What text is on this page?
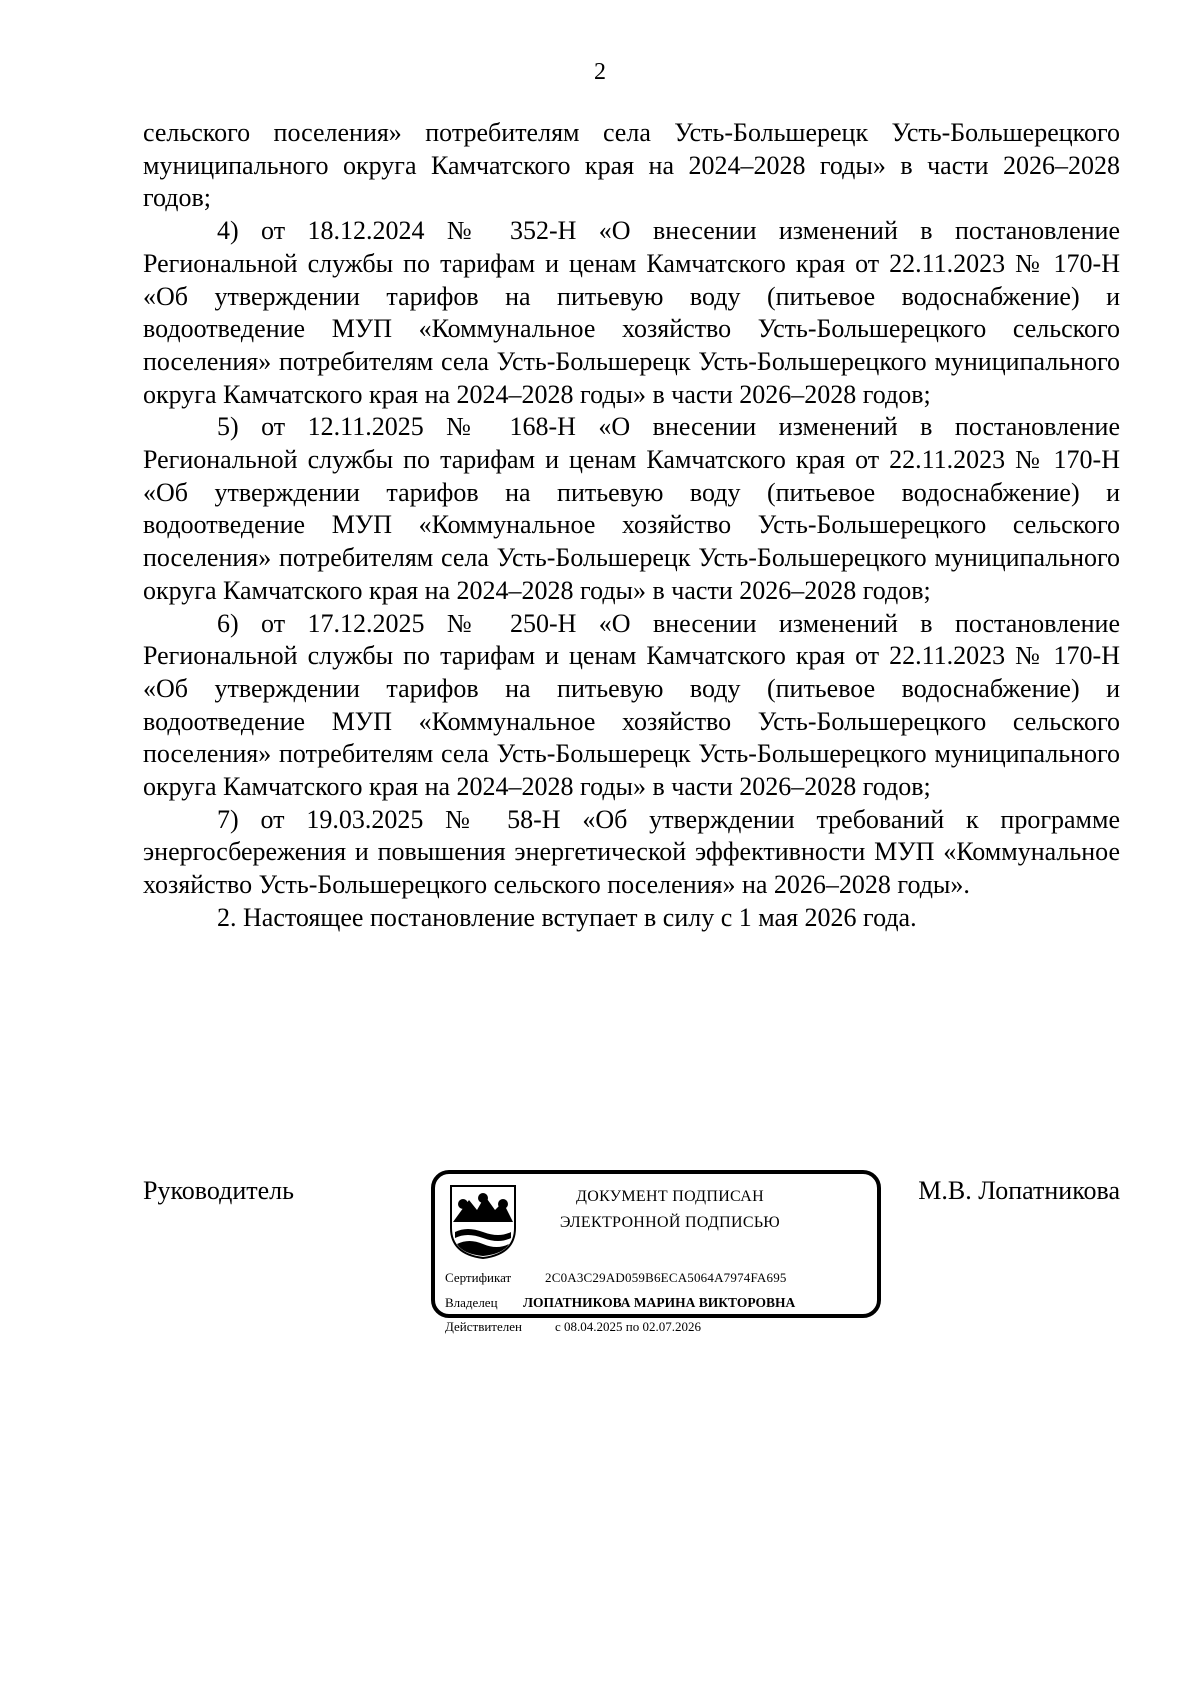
2

сельского поселения» потребителям села Усть-Большерецк Усть-Большерецкого муниципального округа Камчатского края на 2024–2028 годы» в части 2026–2028 годов;

4) от 18.12.2024 № 352-Н «О внесении изменений в постановление Региональной службы по тарифам и ценам Камчатского края от 22.11.2023 № 170-Н «Об утверждении тарифов на питьевую воду (питьевое водоснабжение) и водоотведение МУП «Коммунальное хозяйство Усть-Большерецкого сельского поселения» потребителям села Усть-Большерецк Усть-Большерецкого муниципального округа Камчатского края на 2024–2028 годы» в части 2026–2028 годов;

5) от 12.11.2025 № 168-Н «О внесении изменений в постановление Региональной службы по тарифам и ценам Камчатского края от 22.11.2023 № 170-Н «Об утверждении тарифов на питьевую воду (питьевое водоснабжение) и водоотведение МУП «Коммунальное хозяйство Усть-Большерецкого сельского поселения» потребителям села Усть-Большерецк Усть-Большерецкого муниципального округа Камчатского края на 2024–2028 годы» в части 2026–2028 годов;

6) от 17.12.2025 № 250-Н «О внесении изменений в постановление Региональной службы по тарифам и ценам Камчатского края от 22.11.2023 № 170-Н «Об утверждении тарифов на питьевую воду (питьевое водоснабжение) и водоотведение МУП «Коммунальное хозяйство Усть-Большерецкого сельского поселения» потребителям села Усть-Большерецк Усть-Большерецкого муниципального округа Камчатского края на 2024–2028 годы» в части 2026–2028 годов;

7) от 19.03.2025 № 58-Н «Об утверждении требований к программе энергосбережения и повышения энергетической эффективности МУП «Коммунальное хозяйство Усть-Большерецкого сельского поселения» на 2026–2028 годы».

2. Настоящее постановление вступает в силу с 1 мая 2026 года.

Руководитель	ДОКУМЕНТ ПОДПИСАН
ЭЛЕКТРОННОЙ ПОДПИСЬЮ
Сертификат	2C0A3C29AD059B6ECA5064A7974FA695
Владелец ЛОПАТНИКОВА МАРИНА ВИКТОРОВНА
Действителен	с 08.04.2025 по 02.07.2026
М.В. Лопатникова
